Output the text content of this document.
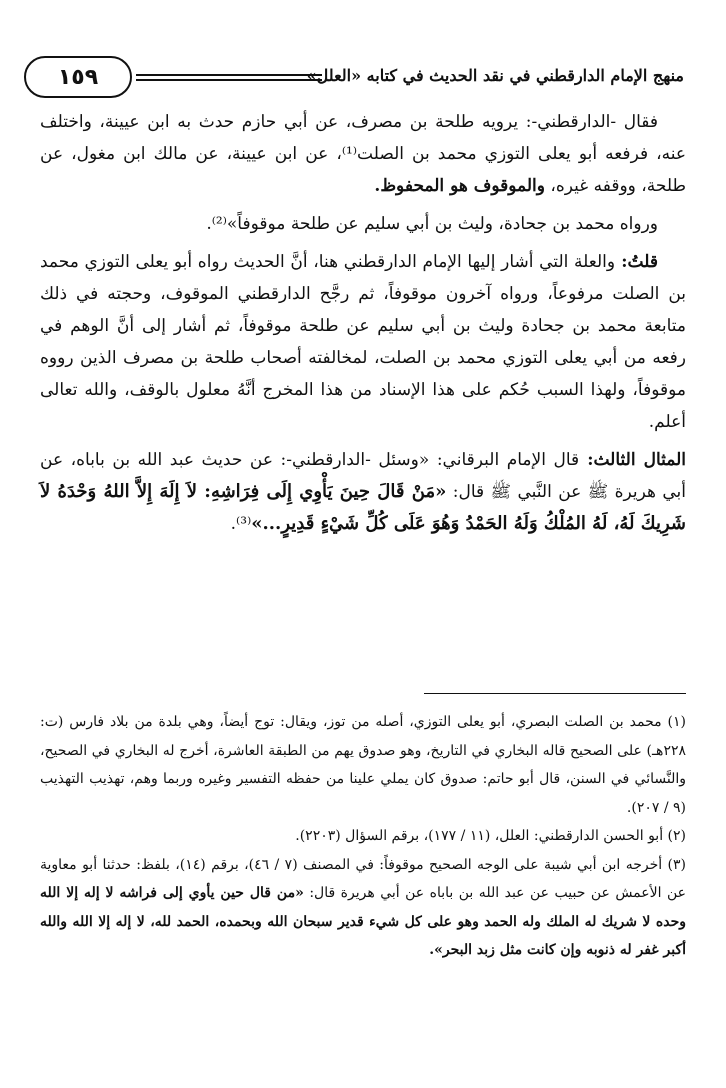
منهج الإمام الدارقطني في نقد الحديث في كتابه «العلل»
١٥٩

فقال -الدارقطني-: يرويه طلحة بن مصرف، عن أبي حازم حدث به ابن عيينة، واختلف عنه، فرفعه أبو يعلى التوزي محمد بن الصلت⁽¹⁾، عن ابن عيينة، عن مالك ابن مغول، عن طلحة، ووقفه غيره، والموقوف هو المحفوظ.

ورواه محمد بن جحادة، وليث بن أبي سليم عن طلحة موقوفاً»⁽²⁾.

قلتُ: والعلة التي أشار إليها الإمام الدارقطني هنا، أنَّ الحديث رواه أبو يعلى التوزي محمد بن الصلت مرفوعاً، ورواه آخرون موقوفاً، ثم رجَّح الدارقطني الموقوف، وحجته في ذلك متابعة محمد بن جحادة وليث بن أبي سليم عن طلحة موقوفاً، ثم أشار إلى أنَّ الوهم في رفعه من أبي يعلى التوزي محمد بن الصلت، لمخالفته أصحاب طلحة بن مصرف الذين رووه موقوفاً، ولهذا السبب حُكم على هذا الإسناد من هذا المخرج أنَّهُ معلول بالوقف، والله تعالى أعلم.

المثال الثالث: قال الإمام البرقاني: «وسئل -الدارقطني-: عن حديث عبد الله بن باباه، عن أبي هريرة ﷺ عن النَّبي ﷺ قال: «مَنْ قَالَ حِينَ يَأْوِي إِلَى فِرَاشِهِ: لاَ إِلَهَ إِلاَّ اللهُ وَحْدَهُ لاَ شَرِيكَ لَهُ، لَهُ المُلْكُ وَلَهُ الحَمْدُ وَهُوَ عَلَى كُلِّ شَيْءٍ قَدِيرٍ...»⁽³⁾.

(١) محمد بن الصلت البصري، أبو يعلى التوزي، أصله من توز، ويقال: توج أيضاً، وهي بلدة من بلاد فارس (ت: ٢٢٨هـ) على الصحيح قاله البخاري في التاريخ، وهو صدوق يهم من الطبقة العاشرة، أخرج له البخاري في الصحيح، والنَّسائي في السنن، قال أبو حاتم: صدوق كان يملي علينا من حفظه التفسير وغيره وربما وهم، تهذيب التهذيب (٩ / ٢٠٧).

(٢) أبو الحسن الدارقطني: العلل، (١١ / ١٧٧)، برقم السؤال (٢٢٠٣).

(٣) أخرجه ابن أبي شيبة على الوجه الصحيح موقوفاً: في المصنف (٧ / ٤٦)، برقم (١٤)، بلفظ: حدثنا أبو معاوية عن الأعمش عن حبيب عن عبد الله بن باباه عن أبي هريرة قال: «من قال حين يأوي إلى فراشه لا إله إلا الله وحده لا شريك له الملك وله الحمد وهو على كل شيء قدير سبحان الله وبحمده، الحمد لله، لا إله إلا الله والله أكبر غفر له ذنوبه وإن كانت مثل زبد البحر».
